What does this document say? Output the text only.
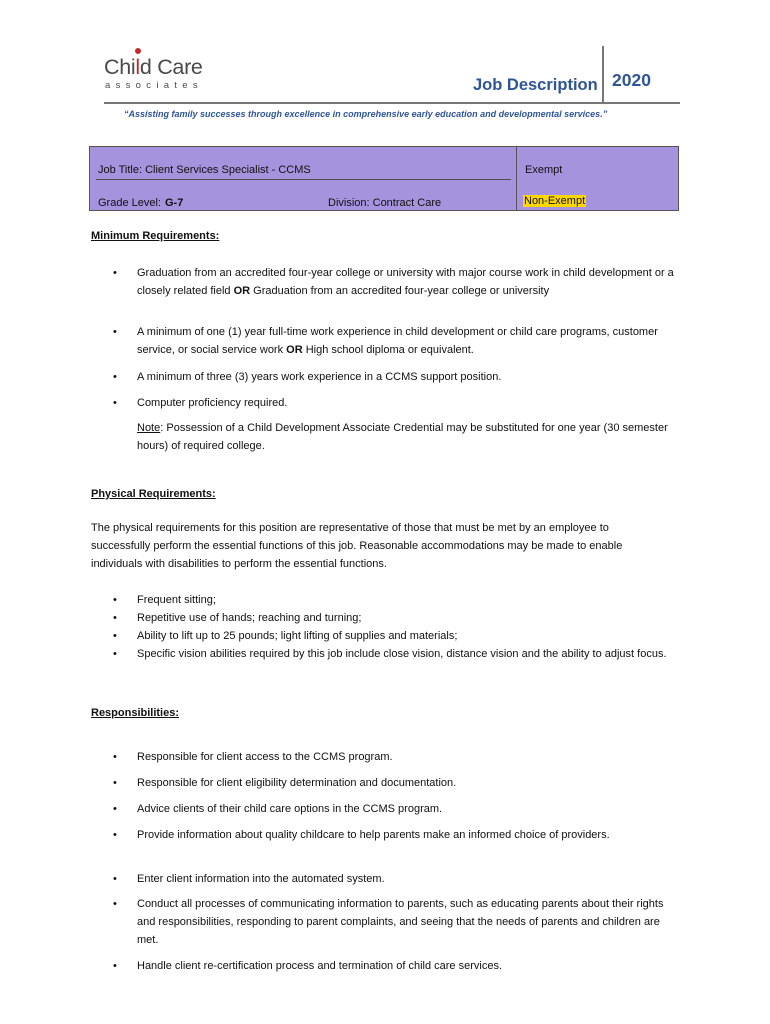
Chil
d Care
associates	Job Description 2020
“Assisting family successes through excellence in comprehensive early education and developmental services.”
Job Title: Client Services Specialist - CCMS	Exempt
Grade Level: G-7	Division: Contract Care	Non-Exempt
Minimum Requirements:
• Graduation from an accredited four-year college or university with major course work in child development or a closely related field OR Graduation from an accredited four-year college or university
• A minimum of one (1) year full-time work experience in child development or child care programs, customer service, or social service work OR High school diploma or equivalent.
• A minimum of three (3) years work experience in a CCMS support position.
• Computer proficiency required.
Note: Possession of a Child Development Associate Credential may be substituted for one year (30 semester hours) of required college.
Physical Requirements:
The physical requirements for this position are representative of those that must be met by an employee to successfully perform the essential functions of this job. Reasonable accommodations may be made to enable individuals with disabilities to perform the essential functions.
• Frequent sitting;
• Repetitive use of hands; reaching and turning;
• Ability to lift up to 25 pounds; light lifting of supplies and materials;
• Specific vision abilities required by this job include close vision, distance vision and the ability to adjust focus.
Responsibilities:
• Responsible for client access to the CCMS program.
• Responsible for client eligibility determination and documentation.
• Advice clients of their child care options in the CCMS program.
• Provide information about quality childcare to help parents make an informed choice of providers.
• Enter client information into the automated system.
• Conduct all processes of communicating information to parents, such as educating parents about their rights and responsibilities, responding to parent complaints, and seeing that the needs of parents and children are met.
• Handle client re-certification process and termination of child care services.
